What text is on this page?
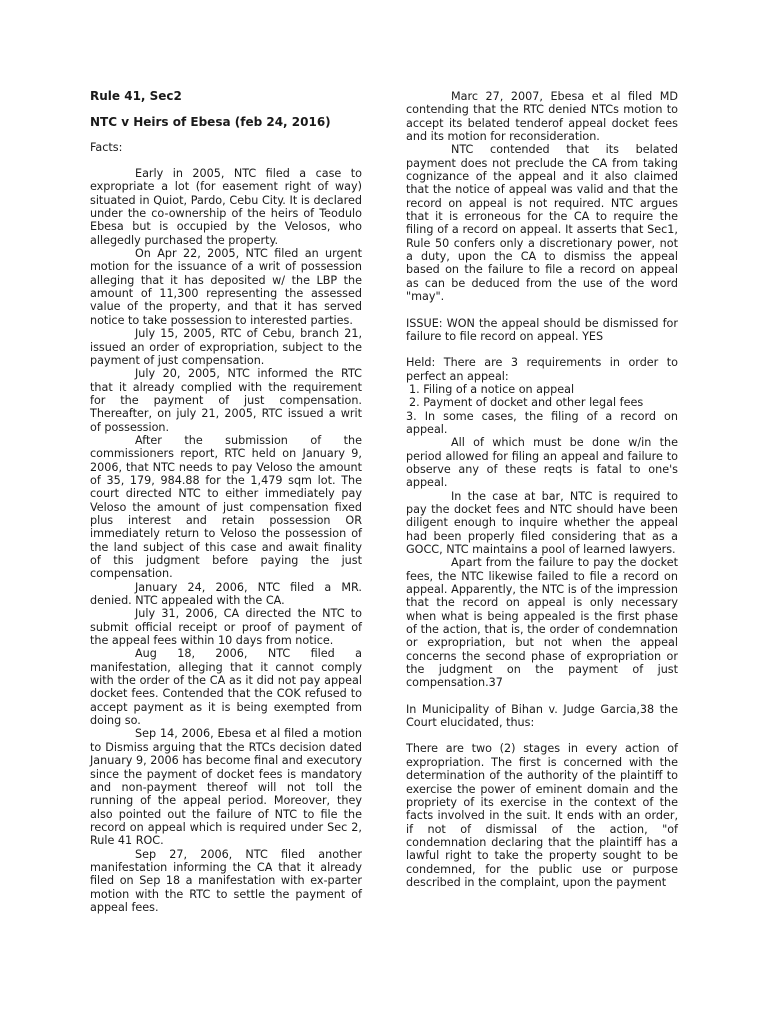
Rule 41, Sec2

NTC v Heirs of Ebesa (feb 24, 2016)

Facts:

Early in 2005, NTC filed a case to expropriate a lot (for easement right of way) situated in Quiot, Pardo, Cebu City. It is declared under the co-ownership of the heirs of Teodulo Ebesa but is occupied by the Velosos, who allegedly purchased the property.

On Apr 22, 2005, NTC filed an urgent motion for the issuance of a writ of possession alleging that it has deposited w/ the LBP the amount of 11,300 representing the assessed value of the property, and that it has served notice to take possession to interested parties.

July 15, 2005, RTC of Cebu, branch 21, issued an order of expropriation, subject to the payment of just compensation.

July 20, 2005, NTC informed the RTC that it already complied with the requirement for the payment of just compensation. Thereafter, on july 21, 2005, RTC issued a writ of possession.

After the submission of the commissioners report, RTC held on January 9, 2006, that NTC needs to pay Veloso the amount of 35, 179, 984.88 for the 1,479 sqm lot. The court directed NTC to either immediately pay Veloso the amount of just compensation fixed plus interest and retain possession OR immediately return to Veloso the possession of the land subject of this case and await finality of this judgment before paying the just compensation.

January 24, 2006, NTC filed a MR. denied. NTC appealed with the CA.

July 31, 2006, CA directed the NTC to submit official receipt or proof of payment of the appeal fees within 10 days from notice.

Aug 18, 2006, NTC filed a manifestation, alleging that it cannot comply with the order of the CA as it did not pay appeal docket fees. Contended that the COK refused to accept payment as it is being exempted from doing so.

Sep 14, 2006, Ebesa et al filed a motion to Dismiss arguing that the RTCs decision dated January 9, 2006 has become final and executory since the payment of docket fees is mandatory and non-payment thereof will not toll the running of the appeal period. Moreover, they also pointed out the failure of NTC to file the record on appeal which is required under Sec 2, Rule 41 ROC.

Sep 27, 2006, NTC filed another manifestation informing the CA that it already filed on Sep 18 a manifestation with ex-parter motion with the RTC to settle the payment of appeal fees.

Marc 27, 2007, Ebesa et al filed MD contending that the RTC denied NTCs motion to accept its belated tenderof appeal docket fees and its motion for reconsideration.

NTC contended that its belated payment does not preclude the CA from taking cognizance of the appeal and it also claimed that the notice of appeal was valid and that the record on appeal is not required. NTC argues that it is erroneous for the CA to require the filing of a record on appeal. It asserts that Sec1, Rule 50 confers only a discretionary power, not a duty, upon the CA to dismiss the appeal based on the failure to file a record on appeal as can be deduced from the use of the word "may".

ISSUE: WON the appeal should be dismissed for failure to file record on appeal. YES

Held: There are 3 requirements in order to perfect an appeal:

1. Filing of a notice on appeal

2. Payment of docket and other legal fees

3. In some cases, the filing of a record on appeal.

All of which must be done w/in the period allowed for filing an appeal and failure to observe any of these reqts is fatal to one's appeal.

In the case at bar, NTC is required to pay the docket fees and NTC should have been diligent enough to inquire whether the appeal had been properly filed considering that as a GOCC, NTC maintains a pool of learned lawyers.

Apart from the failure to pay the docket fees, the NTC likewise failed to file a record on appeal. Apparently, the NTC is of the impression that the record on appeal is only necessary when what is being appealed is the first phase of the action, that is, the order of condemnation or expropriation, but not when the appeal concerns the second phase of expropriation or the judgment on the payment of just compensation.37

In Municipality of Bihan v. Judge Garcia,38 the Court elucidated, thus:

There are two (2) stages in every action of expropriation. The first is concerned with the determination of the authority of the plaintiff to exercise the power of eminent domain and the propriety of its exercise in the context of the facts involved in the suit. It ends with an order, if not of dismissal of the action, "of condemnation declaring that the plaintiff has a lawful right to take the property sought to be condemned, for the public use or purpose described in the complaint, upon the payment
